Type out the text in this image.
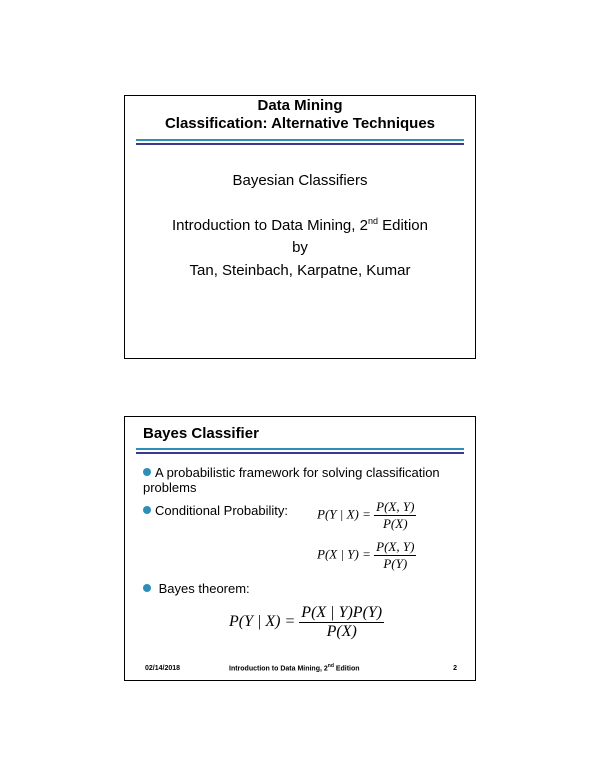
Data Mining
Classification: Alternative Techniques
Bayesian Classifiers
Introduction to Data Mining, 2nd Edition
by
Tan, Steinbach, Karpatne, Kumar
Bayes Classifier
A probabilistic framework for solving classification problems
Conditional Probability: P(Y | $X) = \frac{P(X, Y)}{P(X)}$
P(X | $Y) = \frac{P(X, Y)}{P(Y)}$
Bayes theorem:
P(Y | $X) = \frac{P(X | Y)P(Y)}{P(X)}$
02/14/2018	Introduction to Data Mining, 2nd Edition	2
